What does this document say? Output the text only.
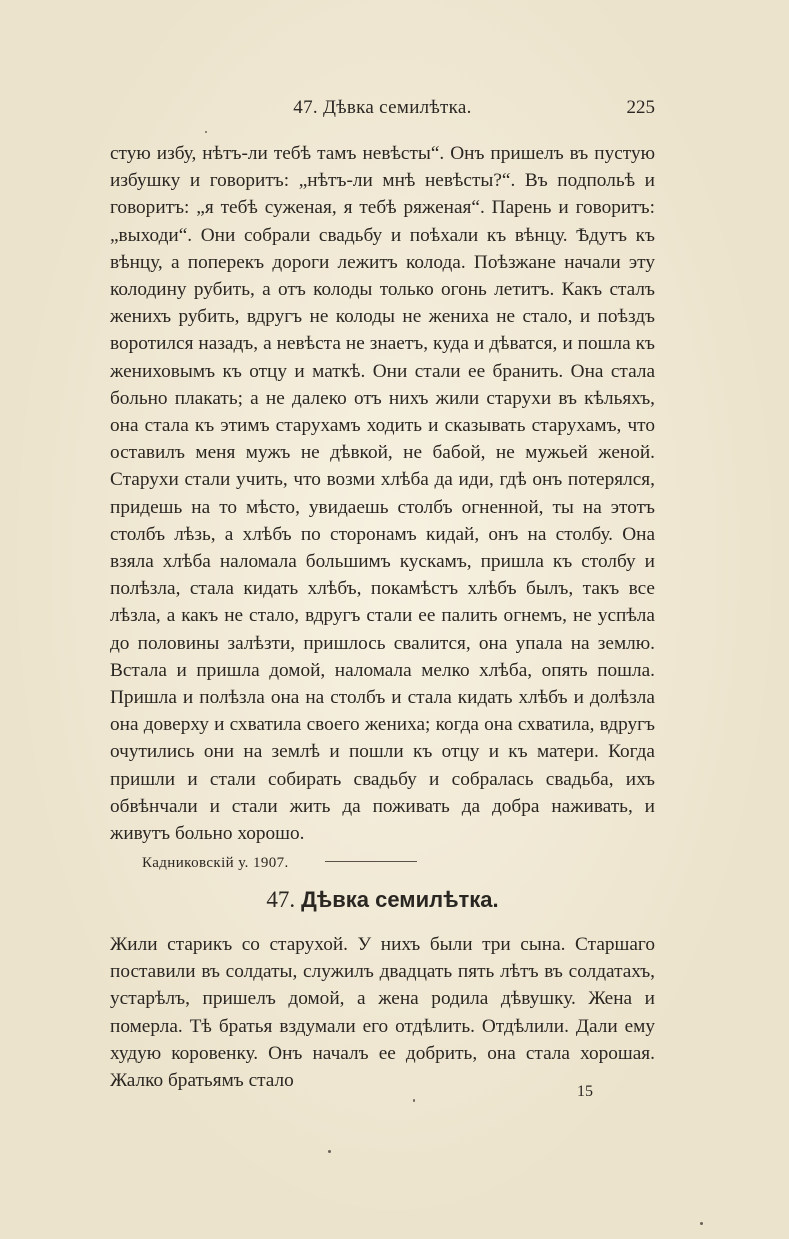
47. Дѣвка семилѣтка.	225

стую избу, нѣтъ-ли тебѣ тамъ невѣсты“. Онъ пришелъ въ пустую избушку и говоритъ: „нѣтъ-ли мнѣ невѣсты?“. Въ подпольѣ и говоритъ: „я тебѣ суженая, я тебѣ ряженая“. Парень и говоритъ: „выходи“. Они собрали свадьбу и поѣхали къ вѣнцу. Ѣдутъ къ вѣнцу, а поперекъ дороги лежитъ колода. Поѣзжане начали эту колодину рубить, а отъ колоды только огонь летитъ. Какъ сталъ женихъ рубить, вдругъ не колоды не жениха не стало, и поѣздъ воротился назадъ, а невѣста не знаетъ, куда и дѣватся, и пошла къ жениховымъ къ отцу и маткѣ. Они стали ее бранить. Она стала больно плакать; а не далеко отъ нихъ жили старухи въ кѣльяхъ, она стала къ этимъ старухамъ ходить и сказывать старухамъ, что оставилъ меня мужъ не дѣвкой, не бабой, не мужьей женой. Старухи стали учить, что возми хлѣба да иди, гдѣ онъ потерялся, придешь на то мѣсто, увидаешь столбъ огненной, ты на этотъ столбъ лѣзь, а хлѣбъ по сторонамъ кидай, онъ на столбу. Она взяла хлѣба наломала большимъ кускамъ, пришла къ столбу и полѣзла, стала кидать хлѣбъ, покамѣстъ хлѣбъ былъ, такъ все лѣзла, а какъ не стало, вдругъ стали ее палить огнемъ, не успѣла до половины залѣзти, пришлось свалится, она упала на землю. Встала и пришла домой, наломала мелко хлѣба, опять пошла. Пришла и полѣзла она на столбъ и стала кидать хлѣбъ и долѣзла она доверху и схватила своего жениха; когда она схватила, вдругъ очутились они на землѣ и пошли къ отцу и къ матери. Когда пришли и стали собирать свадьбу и собралась свадьба, ихъ обвѣнчали и стали жить да поживать да добра наживать, и живутъ больно хорошо.

Кадниковскій у. 1907.
47. Дѣвка семилѣтка.

Жили старикъ со старухой. У нихъ были три сына. Старшаго поставили въ солдаты, служилъ двадцать пять лѣтъ въ солдатахъ, устарѣлъ, пришелъ домой, а жена родила дѣвушку. Жена и померла. Тѣ братья вздумали его отдѣлить. Отдѣлили. Дали ему худую коровенку. Онъ началъ ее добрить, она стала хорошая. Жалко братьямъ стало

15
